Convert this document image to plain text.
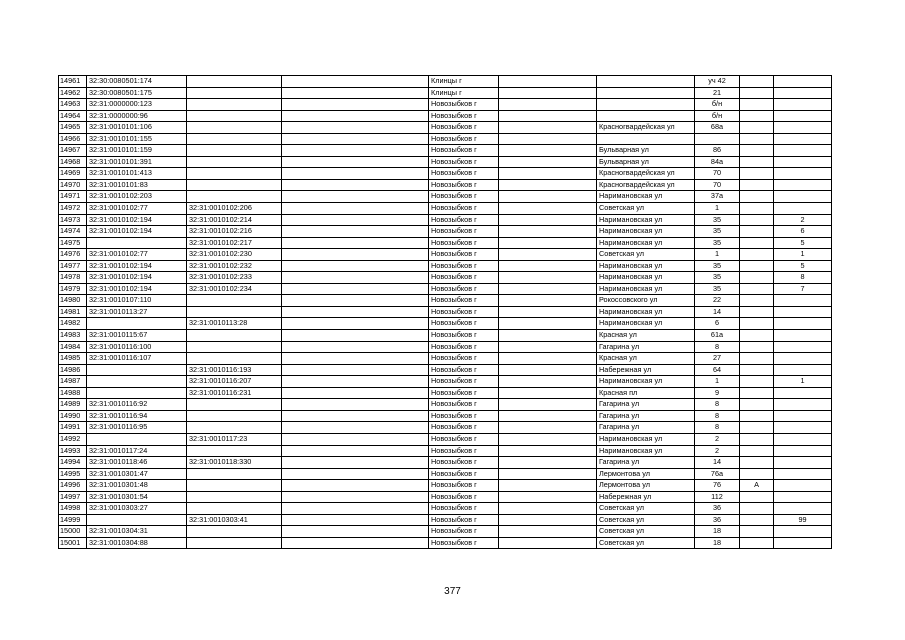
14961	32:30:0080501:174			Клинцы г			уч 42		
14962	32:30:0080501:175			Клинцы г			21		
14963	32:31:0000000:123			Новозыбков г			б/н		
14964	32:31:0000000:96			Новозыбков г			б/н		
14965	32:31:0010101:106			Новозыбков г		Красногвардейская ул	68а		
14966	32:31:0010101:155			Новозыбков г					
14967	32:31:0010101:159			Новозыбков г		Бульварная ул	86		
14968	32:31:0010101:391			Новозыбков г		Бульварная ул	84а		
14969	32:31:0010101:413			Новозыбков г		Красногвардейская ул	70		
14970	32:31:0010101:83			Новозыбков г		Красногвардейская ул	70		
14971	32:31:0010102:203			Новозыбков г		Наримановская ул	37а		
14972	32:31:0010102:77	32:31:0010102:206		Новозыбков г		Советская ул	1		
14973	32:31:0010102:194	32:31:0010102:214		Новозыбков г		Наримановская ул	35		2
14974	32:31:0010102:194	32:31:0010102:216		Новозыбков г		Наримановская ул	35		6
14975		32:31:0010102:217		Новозыбков г		Наримановская ул	35		5
14976	32:31:0010102:77	32:31:0010102:230		Новозыбков г		Советская ул	1		1
14977	32:31:0010102:194	32:31:0010102:232		Новозыбков г		Наримановская ул	35		5
14978	32:31:0010102:194	32:31:0010102:233		Новозыбков г		Наримановская ул	35		8
14979	32:31:0010102:194	32:31:0010102:234		Новозыбков г		Наримановская ул	35		7
14980	32:31:0010107:110			Новозыбков г		Рокоссовского ул	22		
14981	32:31:0010113:27			Новозыбков г		Наримановская ул	14		
14982		32:31:0010113:28		Новозыбков г		Наримановская ул	6		
14983	32:31:0010115:67			Новозыбков г		Красная ул	61а		
14984	32:31:0010116:100			Новозыбков г		Гагарина ул	8		
14985	32:31:0010116:107			Новозыбков г		Красная ул	27		
14986		32:31:0010116:193		Новозыбков г		Набережная ул	64		
14987		32:31:0010116:207		Новозыбков г		Наримановская ул	1		1
14988		32:31:0010116:231		Новозыбков г		Красная пл	9		
14989	32:31:0010116:92			Новозыбков г		Гагарина ул	8		
14990	32:31:0010116:94			Новозыбков г		Гагарина ул	8		
14991	32:31:0010116:95			Новозыбков г		Гагарина ул	8		
14992		32:31:0010117:23		Новозыбков г		Наримановская ул	2		
14993	32:31:0010117:24			Новозыбков г		Наримановская ул	2		
14994	32:31:0010118:46	32:31:0010118:330		Новозыбков г		Гагарина ул	14		
14995	32:31:0010301:47			Новозыбков г		Лермонтова ул	76а		
14996	32:31:0010301:48			Новозыбков г		Лермонтова ул	76	А	
14997	32:31:0010301:54			Новозыбков г		Набережная ул	112		
14998	32:31:0010303:27			Новозыбков г		Советская ул	36		
14999		32:31:0010303:41		Новозыбков г		Советская ул	36		99
15000	32:31:0010304:31			Новозыбков г		Советская ул	18		
15001	32:31:0010304:88			Новозыбков г		Советская ул	18		
377
